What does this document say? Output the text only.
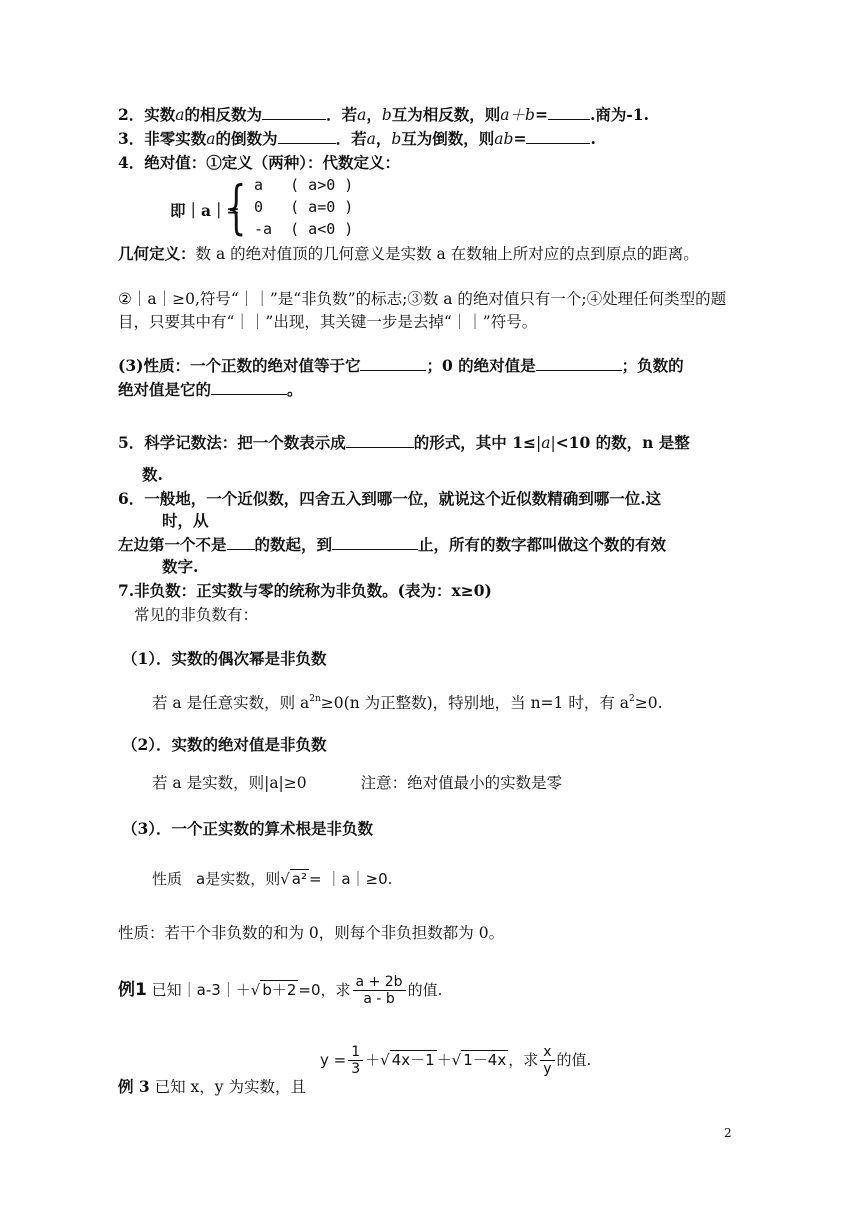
2．实数a的相反数为	．若a，b互为相反数，则a＋b=	.商为-1.
3．非零实数a的倒数为	．若a，b互为倒数，则ab=	.
4．绝对值：①定义（两种）：代数定义：
即｜a｜=
{ a   ( a>0 )
0   ( a=0 )
-a  ( a<0 )
几何定义：数 a 的绝对值顶的几何意义是实数 a 在数轴上所对应的点到原点的距离。
②｜a｜≥0,符号“｜｜”是“非负数”的标志;③数 a 的绝对值只有一个;④处理任何类型的题目，只要其中有“｜｜”出现，其关键一步是去掉“｜｜”符号。
(3)性质：一个正数的绝对值等于它	；0 的绝对值是	；负数的
绝对值是它的	。
5．科学记数法：把一个数表示成	的形式，其中 1≤|a|<10 的数，n 是整
数.
6．一般地，一个近似数，四舍五入到哪一位，就说这个近似数精确到哪一位.这
时，从
左边第一个不是 的数起，到	止，所有的数字都叫做这个数的有效
数字.
7.非负数：正实数与零的统称为非负数。(表为：x≥0)
常见的非负数有：
（1）．实数的偶次幂是非负数
若 a 是任意实数，则 $a^{2n}\ge 0(n$ 为正整数)，特别地，当 n=1 时，有 $a^2\ge 0$.
（2）．实数的绝对值是非负数
若 a 是实数，则|a|≥0	注意：绝对值最小的实数是零
（3）．一个正实数的算术根是非负数
性质 a是实数，则√ a² = ｜a｜≥0.
性质：若干个非负数的和为 0，则每个非负担数都为 0。
例1 已知｜a-3｜＋√ b＋2 =0，求 $\frac{a + 2b}{a - b}$ 的值.
$y = \frac{1}{3}$ ＋√ 4x－1 ＋√ 1－4x ，求 $\frac{x}{y}$ 的值.
例 3 已知 x，y 为实数，且
2
